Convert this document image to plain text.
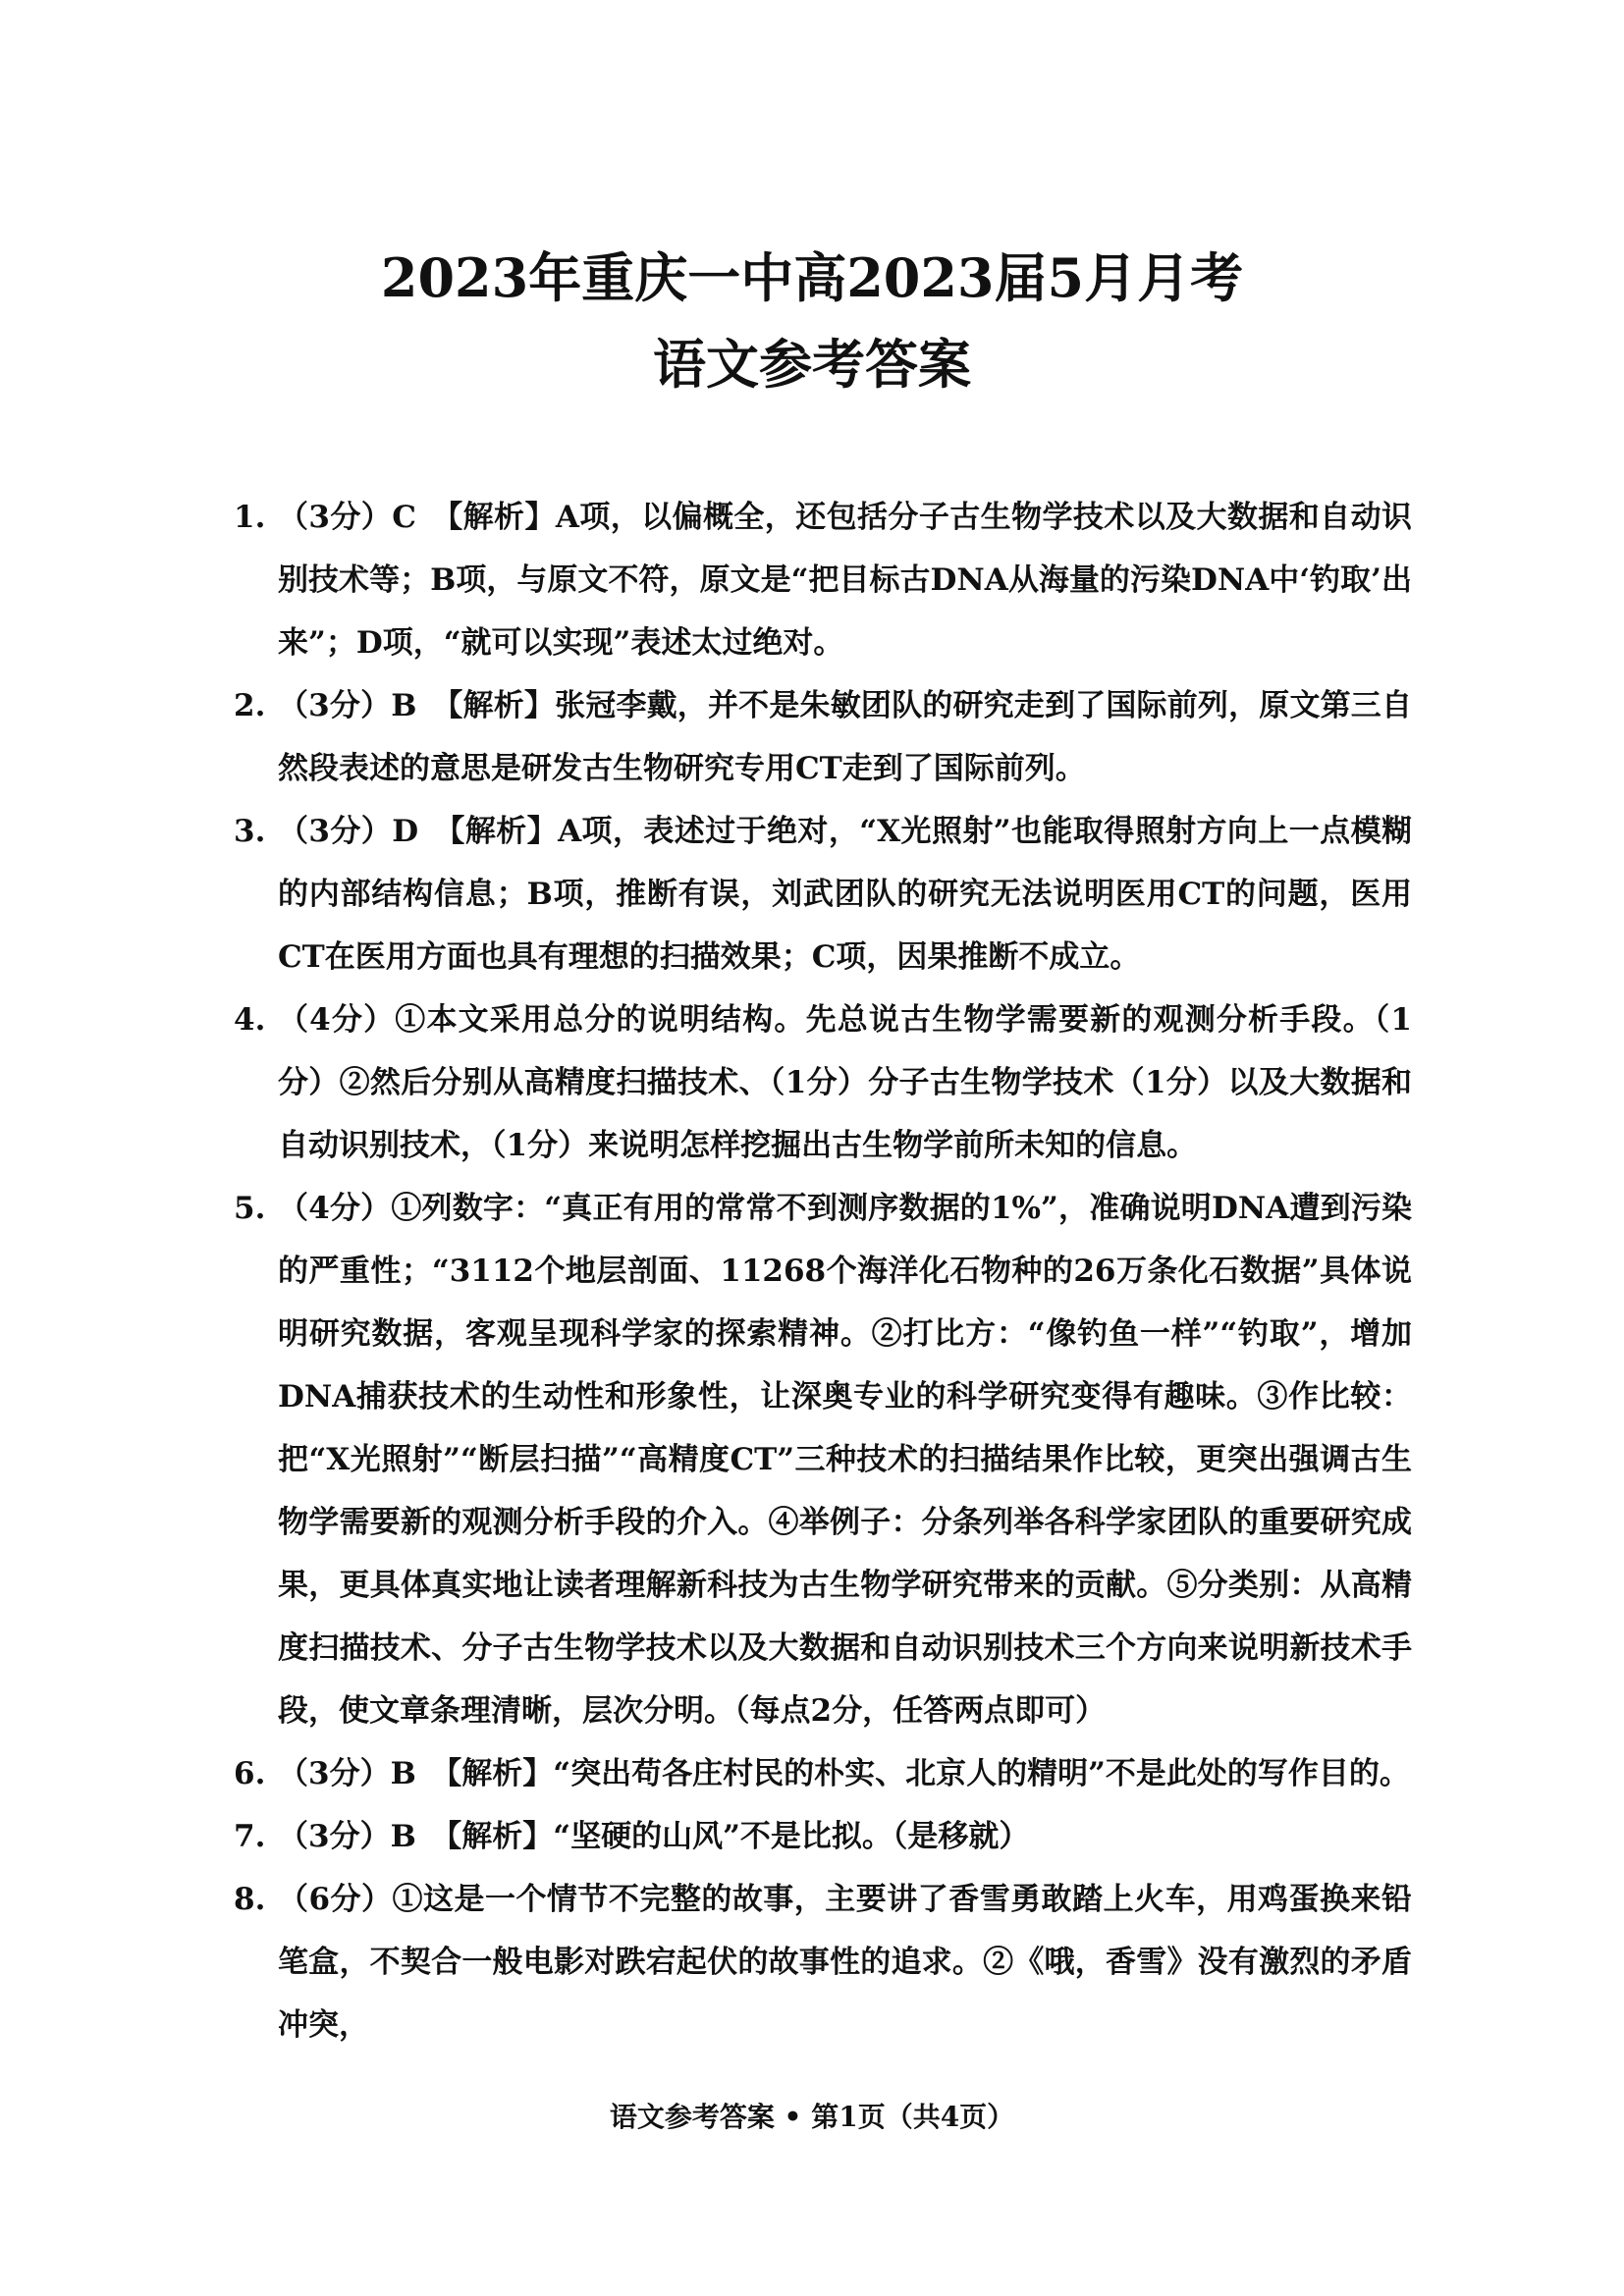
2023年重庆一中高2023届5月月考
语文参考答案
1. （3分）C　【解析】A项，以偏概全，还包括分子古生物学技术以及大数据和自动识别技术等；B项，与原文不符，原文是“把目标古DNA从海量的污染DNA中‘钓取’出来”；D项，“就可以实现”表述太过绝对。
2. （3分）B　【解析】张冠李戴，并不是朱敏团队的研究走到了国际前列，原文第三自然段表述的意思是研发古生物研究专用CT走到了国际前列。
3. （3分）D　【解析】A项，表述过于绝对，“X光照射”也能取得照射方向上一点模糊的内部结构信息；B项，推断有误，刘武团队的研究无法说明医用CT的问题，医用CT在医用方面也具有理想的扫描效果；C项，因果推断不成立。
4. （4分）①本文采用总分的说明结构。先总说古生物学需要新的观测分析手段。（1分）②然后分别从高精度扫描技术、（1分）分子古生物学技术（1分）以及大数据和自动识别技术，（1分）来说明怎样挖掘出古生物学前所未知的信息。
5. （4分）①列数字：“真正有用的常常不到测序数据的1%”，准确说明DNA遭到污染的严重性；“3112个地层剖面、11268个海洋化石物种的26万条化石数据”具体说明研究数据，客观呈现科学家的探索精神。②打比方：“像钓鱼一样”“钓取”，增加DNA捕获技术的生动性和形象性，让深奥专业的科学研究变得有趣味。③作比较：把“X光照射”“断层扫描”“高精度CT”三种技术的扫描结果作比较，更突出强调古生物学需要新的观测分析手段的介入。④举例子：分条列举各科学家团队的重要研究成果，更具体真实地让读者理解新科技为古生物学研究带来的贡献。⑤分类别：从高精度扫描技术、分子古生物学技术以及大数据和自动识别技术三个方向来说明新技术手段，使文章条理清晰，层次分明。（每点2分，任答两点即可）
6. （3分）B　【解析】“突出苟各庄村民的朴实、北京人的精明”不是此处的写作目的。
7. （3分）B　【解析】“坚硬的山风”不是比拟。（是移就）
8. （6分）①这是一个情节不完整的故事，主要讲了香雪勇敢踏上火车，用鸡蛋换来铅笔盒，不契合一般电影对跌宕起伏的故事性的追求。②《哦，香雪》没有激烈的矛盾冲突，
语文参考答案 • 第1页（共4页）
